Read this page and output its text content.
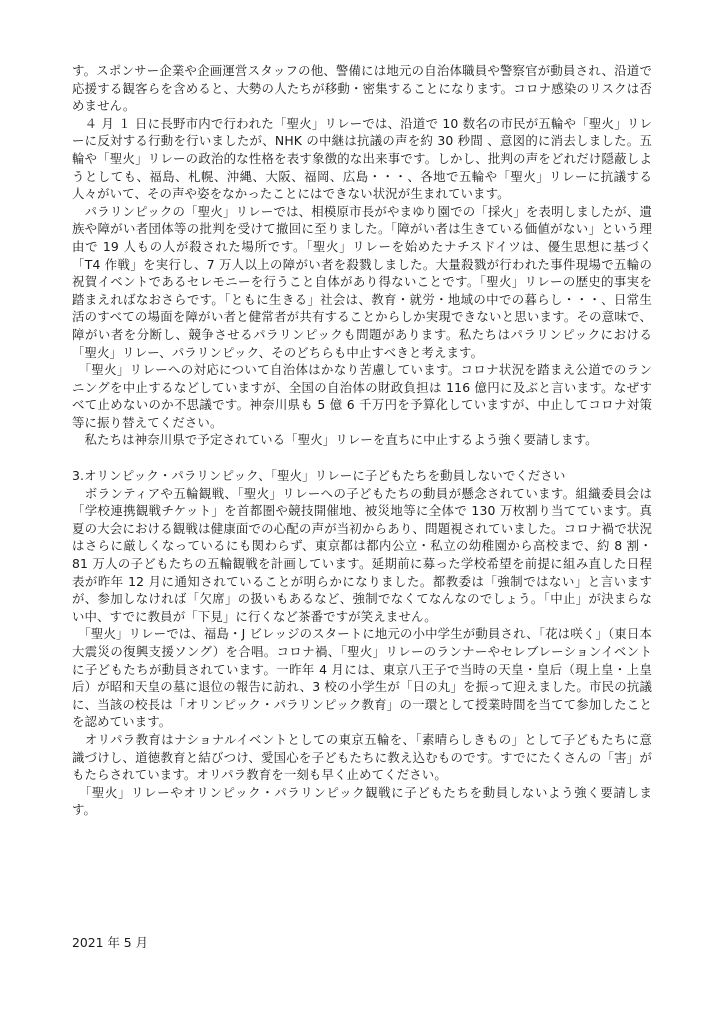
す。スポンサー企業や企画運営スタッフの他、警備には地元の自治体職員や警察官が動員され、沿道で応援する観客らを含めると、大勢の人たちが移動・密集することになります。コロナ感染のリスクは否めません。

　４ 月 １ 日に長野市内で行われた「聖火」リレーでは、沿道で 10 数名の市民が五輪や「聖火」リレーに反対する行動を行いましたが、NHK の中継は抗議の声を約 30 秒間 、意図的に消去しました。五輪や「聖火」リレーの政治的な性格を表す象徴的な出来事です。しかし、批判の声をどれだけ隠蔽しようとしても、福島、札幌、沖縄、大阪、福岡、広島・・・、各地で五輪や「聖火」リレーに抗議する人々がいて、その声や姿をなかったことにはできない状況が生まれています。

　パラリンピックの「聖火」リレーでは、相模原市長がやまゆり園での「採火」を表明しましたが、遺族や障がい者団体等の批判を受けて撤回に至りました。「障がい者は生きている価値がない」という理由で 19 人もの人が殺された場所です。「聖火」リレーを始めたナチスドイツは、優生思想に基づく「T4 作戦」を実行し、7 万人以上の障がい者を殺戮しました。大量殺戮が行われた事件現場で五輪の祝賀イベントであるセレモニーを行うこと自体があり得ないことです。「聖火」リレーの歴史的事実を踏まえればなおさらです。「ともに生きる」社会は、教育・就労・地域の中での暮らし・・・、日常生活のすべての場面を障がい者と健常者が共有することからしか実現できないと思います。その意味で、障がい者を分断し、競争させるパラリンピックも問題があります。私たちはパラリンピックにおける「聖火」リレー、パラリンピック、そのどちらも中止すべきと考えます。

　「聖火」リレーへの対応について自治体はかなり苦慮しています。コロナ状況を踏まえ公道でのランニングを中止するなどしていますが、全国の自治体の財政負担は 116 億円に及ぶと言います。なぜすべて止めないのか不思議です。神奈川県も 5 億 6 千万円を予算化していますが、中止してコロナ対策等に振り替えてください。

　私たちは神奈川県で予定されている「聖火」リレーを直ちに中止するよう強く要請します。

3.オリンピック・パラリンピック、「聖火」リレーに子どもたちを動員しないでください

　ボランティアや五輪観戦、「聖火」リレーへの子どもたちの動員が懸念されています。組織委員会は「学校連携観戦チケット」を首都圏や競技開催地、被災地等に全体で 130 万枚割り当てています。真夏の大会における観戦は健康面での心配の声が当初からあり、問題視されていました。コロナ禍で状況はさらに厳しくなっているにも関わらず、東京都は都内公立・私立の幼稚園から高校まで、約 8 割・81 万人の子どもたちの五輪観戦を計画しています。延期前に募った学校希望を前提に組み直した日程表が昨年 12 月に通知されていることが明らかになりました。都教委は「強制ではない」と言いますが、参加しなければ「欠席」の扱いもあるなど、強制でなくてなんなのでしょう。「中止」が決まらない中、すでに教員が「下見」に行くなど茶番ですが笑えません。

　「聖火」リレーでは、福島・J ビレッジのスタートに地元の小中学生が動員され、「花は咲く」（東日本大震災の復興支援ソング）を合唱。コロナ禍、「聖火」リレーのランナーやセレブレーションイベントに子どもたちが動員されています。一昨年 4 月には、東京八王子で当時の天皇・皇后（現上皇・上皇后）が昭和天皇の墓に退位の報告に訪れ、3 校の小学生が「日の丸」を振って迎えました。市民の抗議に、当該の校長は「オリンピック・パラリンピック教育」の一環として授業時間を当てて参加したことを認めています。

　オリパラ教育はナショナルイベントとしての東京五輪を、「素晴らしきもの」として子どもたちに意識づけし、道徳教育と結びつけ、愛国心を子どもたちに教え込むものです。すでにたくさんの「害」がもたらされています。オリパラ教育を一刻も早く止めてください。

　「聖火」リレーやオリンピック・パラリンピック観戦に子どもたちを動員しないよう強く要請します。

2021 年 5 月
